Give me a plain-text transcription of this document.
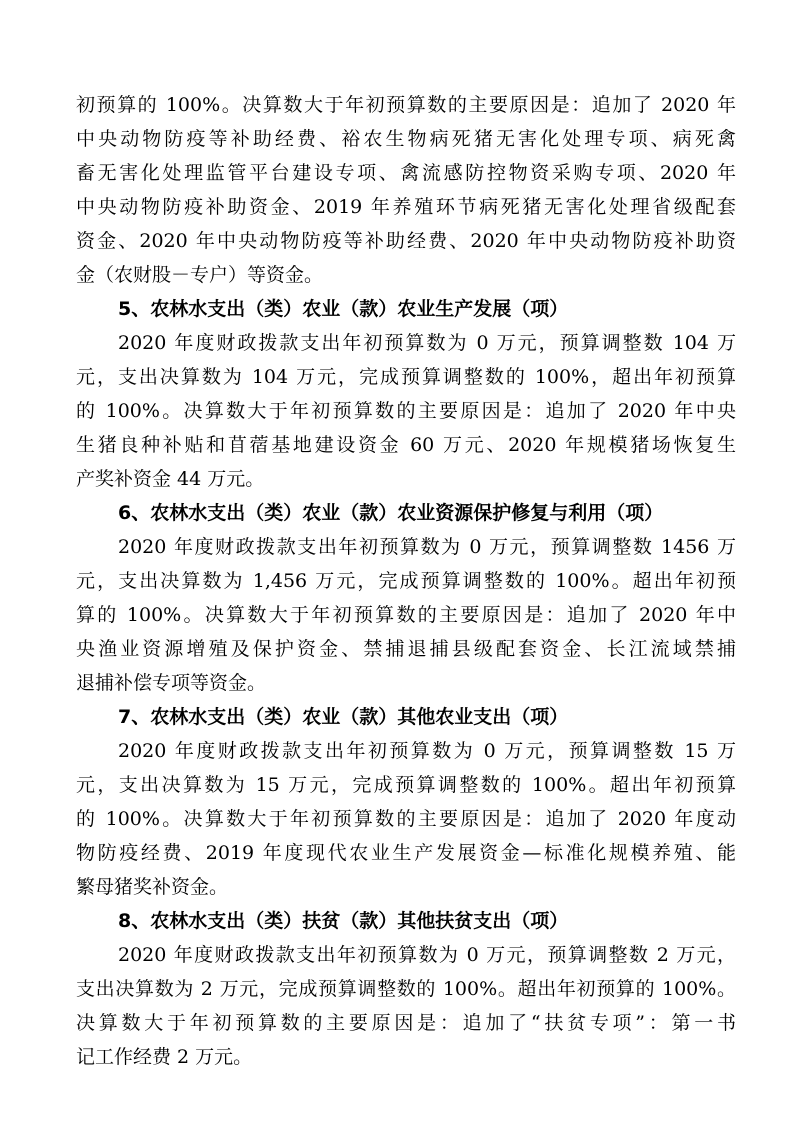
初预算的 100%。决算数大于年初预算数的主要原因是：追加了 2020 年
中央动物防疫等补助经费、裕农生物病死猪无害化处理专项、病死禽
畜无害化处理监管平台建设专项、禽流感防控物资采购专项、2020 年
中央动物防疫补助资金、2019 年养殖环节病死猪无害化处理省级配套
资金、2020 年中央动物防疫等补助经费、2020 年中央动物防疫补助资
金（农财股－专户）等资金。
5、农林水支出（类）农业（款）农业生产发展（项）
2020 年度财政拨款支出年初预算数为 0 万元，预算调整数 104 万
元，支出决算数为 104 万元，完成预算调整数的 100%，超出年初预算
的 100%。决算数大于年初预算数的主要原因是：追加了 2020 年中央
生猪良种补贴和苜蓿基地建设资金 60 万元、2020 年规模猪场恢复生
产奖补资金 44 万元。
6、农林水支出（类）农业（款）农业资源保护修复与利用（项）
2020 年度财政拨款支出年初预算数为 0 万元，预算调整数 1456 万
元，支出决算数为 1,456 万元，完成预算调整数的 100%。超出年初预
算的 100%。决算数大于年初预算数的主要原因是：追加了 2020 年中
央渔业资源增殖及保护资金、禁捕退捕县级配套资金、长江流域禁捕
退捕补偿专项等资金。
7、农林水支出（类）农业（款）其他农业支出（项）
2020 年度财政拨款支出年初预算数为 0 万元，预算调整数 15 万
元，支出决算数为 15 万元，完成预算调整数的 100%。超出年初预算
的 100%。决算数大于年初预算数的主要原因是：追加了 2020 年度动
物防疫经费、2019 年度现代农业生产发展资金—标准化规模养殖、能
繁母猪奖补资金。
8、农林水支出（类）扶贫（款）其他扶贫支出（项）
2020 年度财政拨款支出年初预算数为 0 万元，预算调整数 2 万元，
支出决算数为 2 万元，完成预算调整数的 100%。超出年初预算的 100%。
决算数大于年初预算数的主要原因是：追加了“扶贫专项”：第一书
记工作经费 2 万元。
